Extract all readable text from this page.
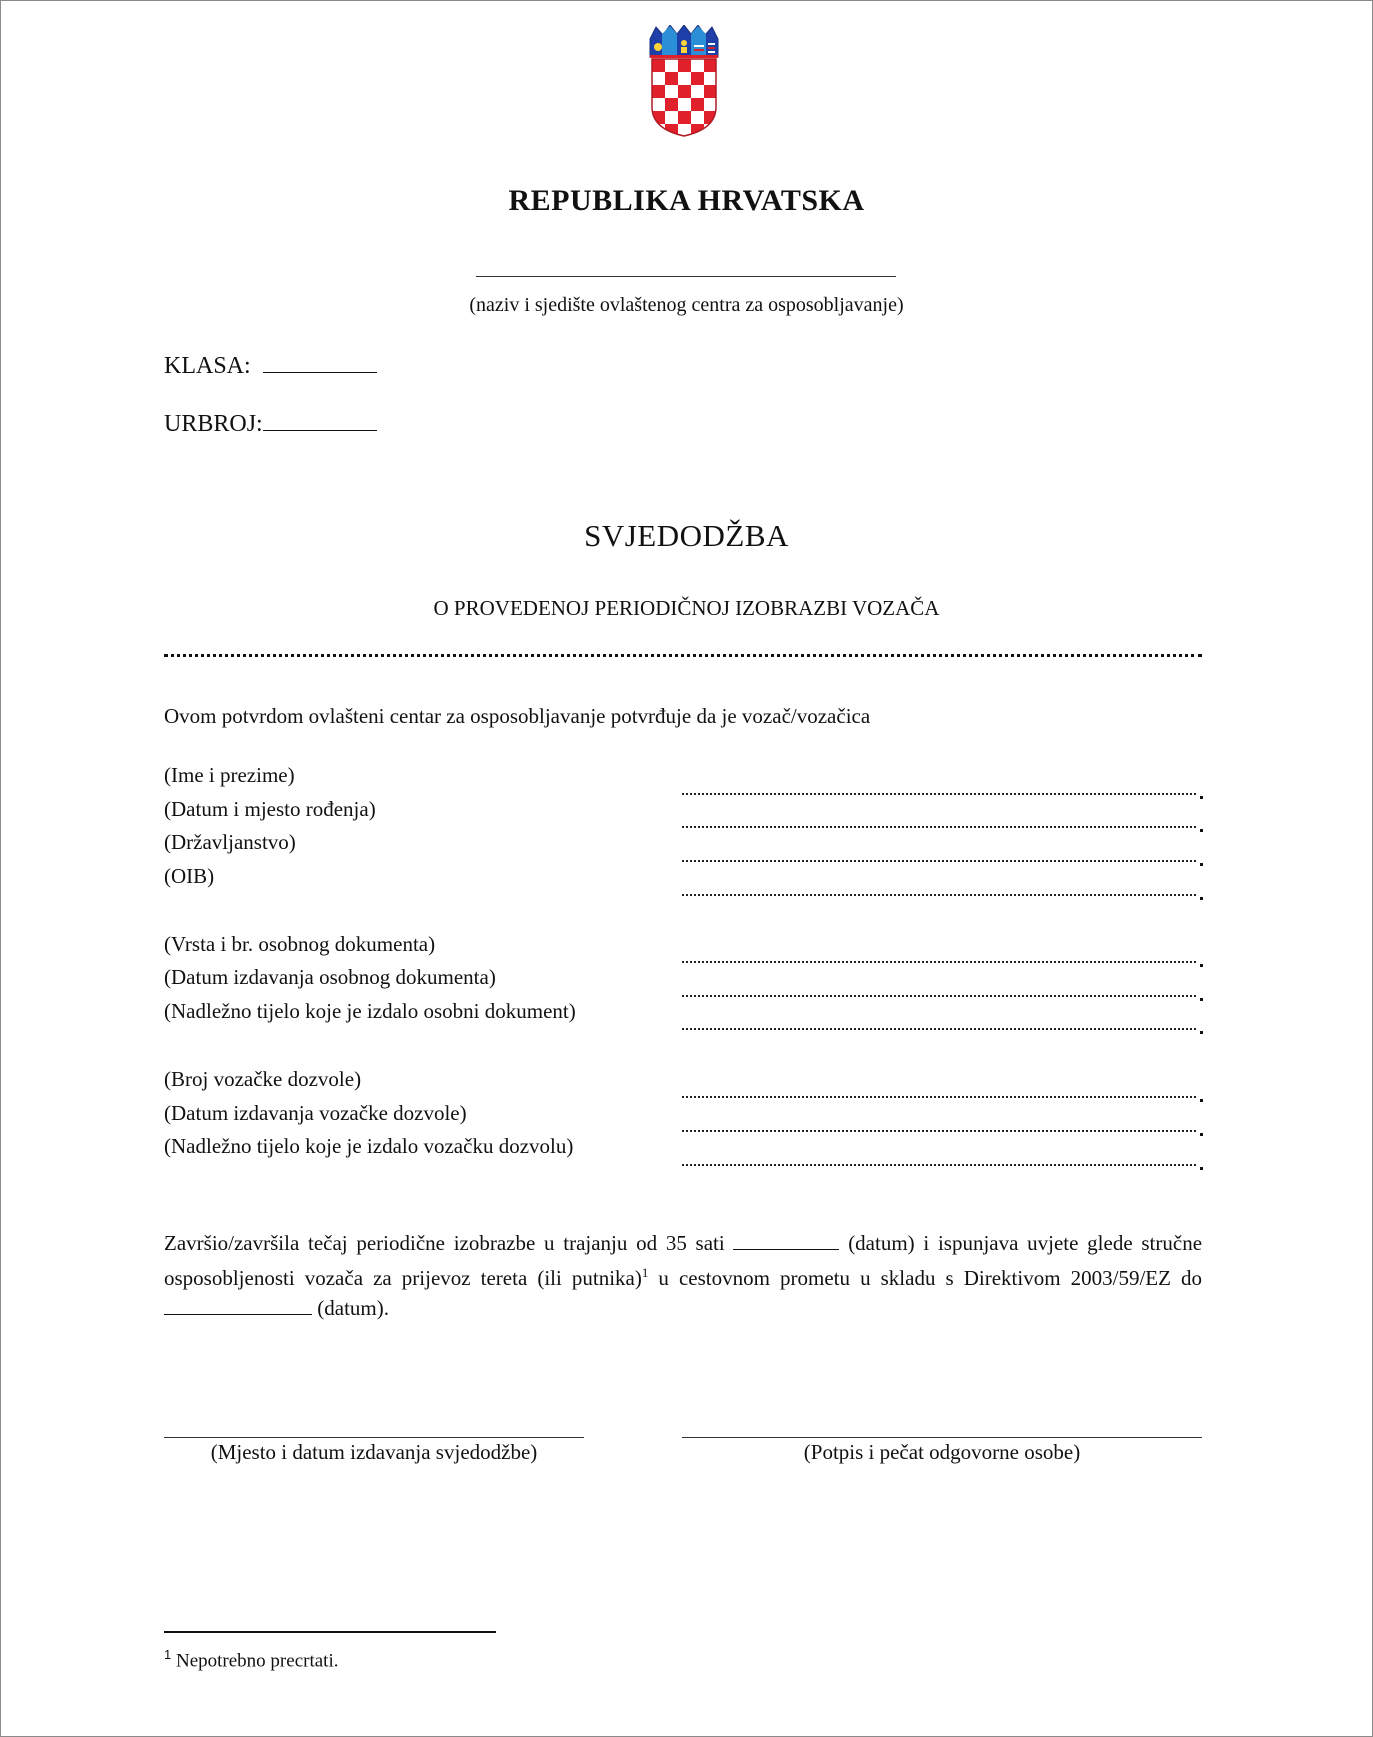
REPUBLIKA HRVATSKA
(naziv i sjedište ovlaštenog centra za osposobljavanje)
KLASA:
URBROJ:
SVJEDODŽBA
O PROVEDENOJ PERIODIČNOJ IZOBRAZBI VOZAČA
Ovom potvrdom ovlašteni centar za osposobljavanje potvrđuje da je vozač/vozačica
(Ime i prezime)
(Datum i mjesto rođenja)
(Državljanstvo)
(OIB)
(Vrsta i br. osobnog dokumenta)
(Datum izdavanja osobnog dokumenta)
(Nadležno tijelo koje je izdalo osobni dokument)
(Broj vozačke dozvole)
(Datum izdavanja vozačke dozvole)
(Nadležno tijelo koje je izdalo vozačku dozvolu)
Završio/završila tečaj periodične izobrazbe u trajanju od 35 sati	(datum) i ispunjava uvjete glede stručne osposobljenosti vozača za prijevoz tereta (ili putnika)$^1$ u cestovnom prometu u skladu s Direktivom 2003/59/EZ do  (datum).
(Mjesto i datum izdavanja svjedodžbe)	(Potpis i pečat odgovorne osobe)
$^1$ Nepotrebno precrtati.
